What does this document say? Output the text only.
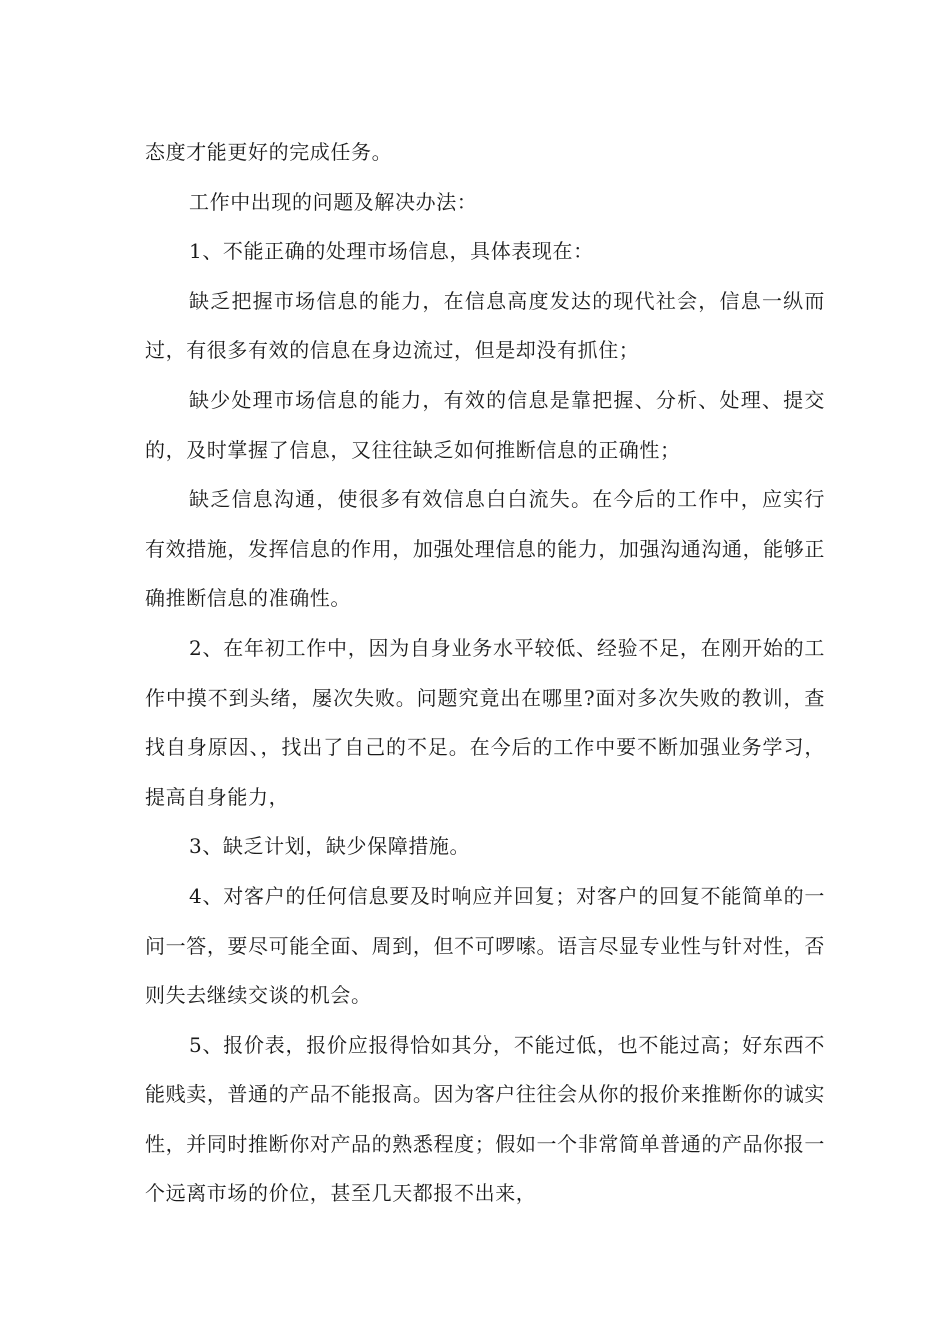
态度才能更好的完成任务。

工作中出现的问题及解决办法：

1、不能正确的处理市场信息，具体表现在：

缺乏把握市场信息的能力，在信息高度发达的现代社会，信息一纵而过，有很多有效的信息在身边流过，但是却没有抓住；

缺少处理市场信息的能力，有效的信息是靠把握、分析、处理、提交的，及时掌握了信息，又往往缺乏如何推断信息的正确性；

缺乏信息沟通，使很多有效信息白白流失。在今后的工作中，应实行有效措施，发挥信息的作用，加强处理信息的能力，加强沟通沟通，能够正确推断信息的准确性。

2、在年初工作中，因为自身业务水平较低、经验不足，在刚开始的工作中摸不到头绪，屡次失败。问题究竟出在哪里?面对多次失败的教训，查找自身原因、，找出了自己的不足。在今后的工作中要不断加强业务学习，提高自身能力，

3、缺乏计划，缺少保障措施。

4、对客户的任何信息要及时响应并回复；对客户的回复不能简单的一问一答，要尽可能全面、周到，但不可啰嗦。语言尽显专业性与针对性，否则失去继续交谈的机会。

5、报价表，报价应报得恰如其分，不能过低，也不能过高；好东西不能贱卖，普通的产品不能报高。因为客户往往会从你的报价来推断你的诚实性，并同时推断你对产品的熟悉程度；假如一个非常简单普通的产品你报一个远离市场的价位，甚至几天都报不出来，
